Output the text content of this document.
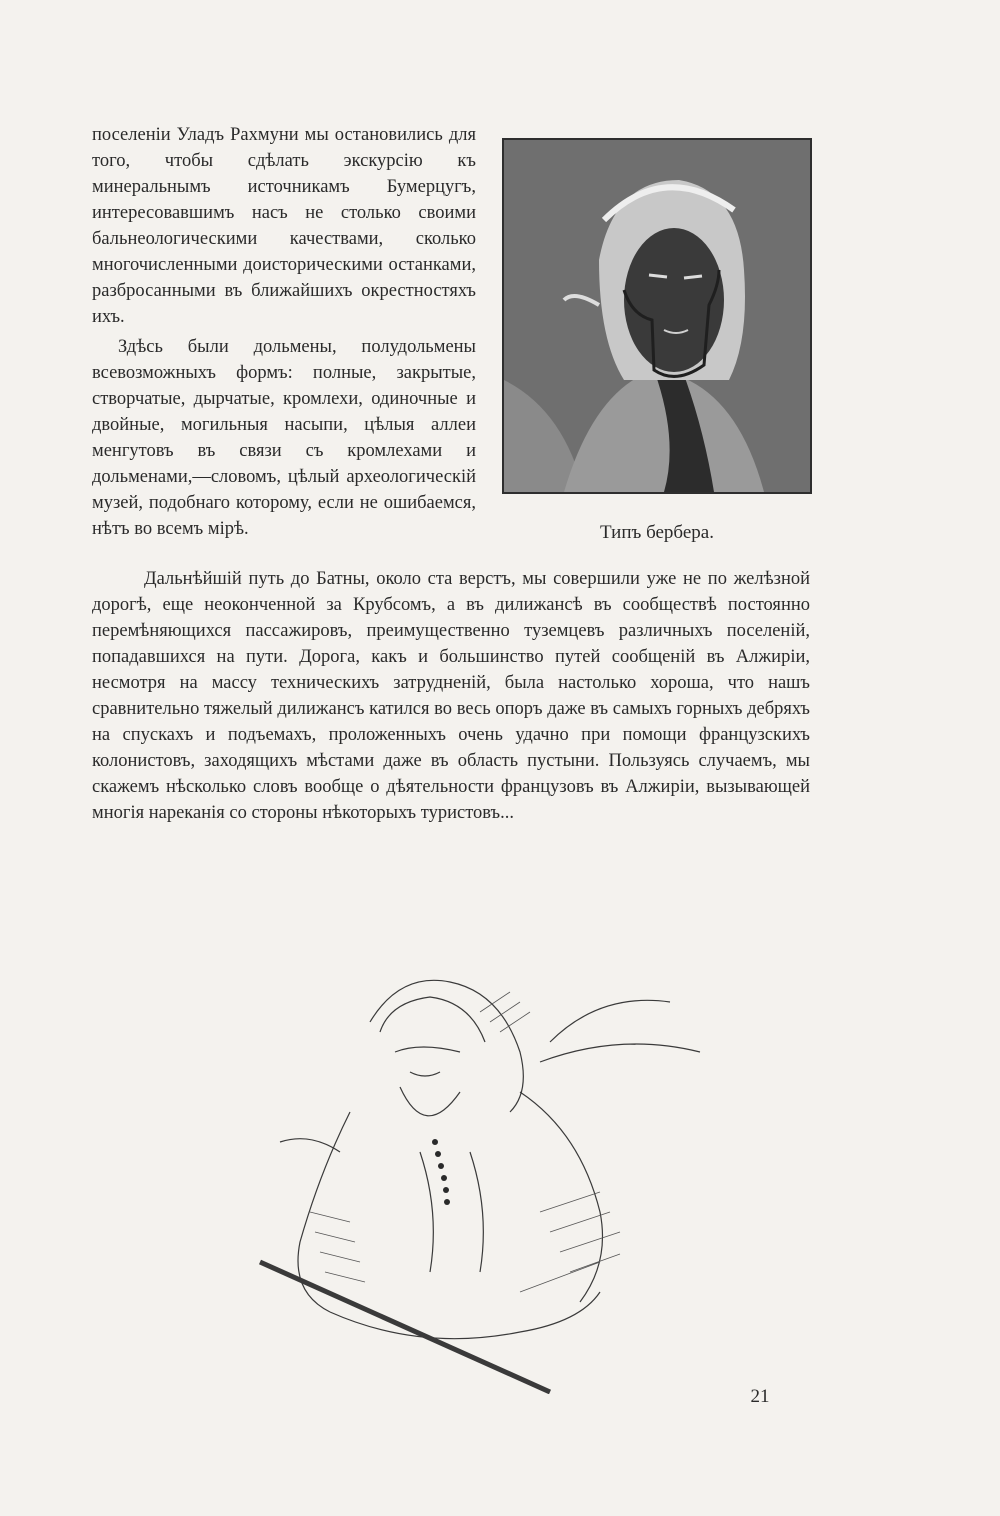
поселеніи Уладъ Рахмуни мы остановились для того, чтобы сдѣлать экскурсію къ минеральнымъ источникамъ Бумерцугъ, интересовавшимъ насъ не столько своими бальнеологическими качествами, сколько многочисленными доисторическими останками, разбросанными въ ближайшихъ окрестностяхъ ихъ.

Здѣсь были дольмены, полудольмены всевозможныхъ формъ: полные, закрытые, створчатые, дырчатые, кромлехи, одиночные и двойные, могильныя насыпи, цѣлыя аллеи менгутовъ въ связи съ кромлехами и дольменами,—словомъ, цѣлый археологическій музей, подобнаго которому, если не ошибаемся, нѣтъ во всемъ мірѣ.	Типъ бербера.

Дальнѣйшій путь до Батны, около ста верстъ, мы совершили уже не по желѣзной дорогѣ, еще неоконченной за Крубсомъ, а въ дилижансѣ въ сообществѣ постоянно перемѣняющихся пассажировъ, преимущественно туземцевъ различныхъ поселеній, попадавшихся на пути. Дорога, какъ и большинство путей сообщеній въ Алжиріи, несмотря на массу техническихъ затрудненій, была настолько хороша, что нашъ сравнительно тяжелый дилижансъ катился во весь опоръ даже въ самыхъ горныхъ дебряхъ на спускахъ и подъемахъ, проложенныхъ очень удачно при помощи французскихъ колонистовъ, заходящихъ мѣстами даже въ область пустыни. Пользуясь случаемъ, мы скажемъ нѣсколько словъ вообще о дѣятельности французовъ въ Алжиріи, вызывающей многія нареканія со стороны нѣкоторыхъ туристовъ...

21
